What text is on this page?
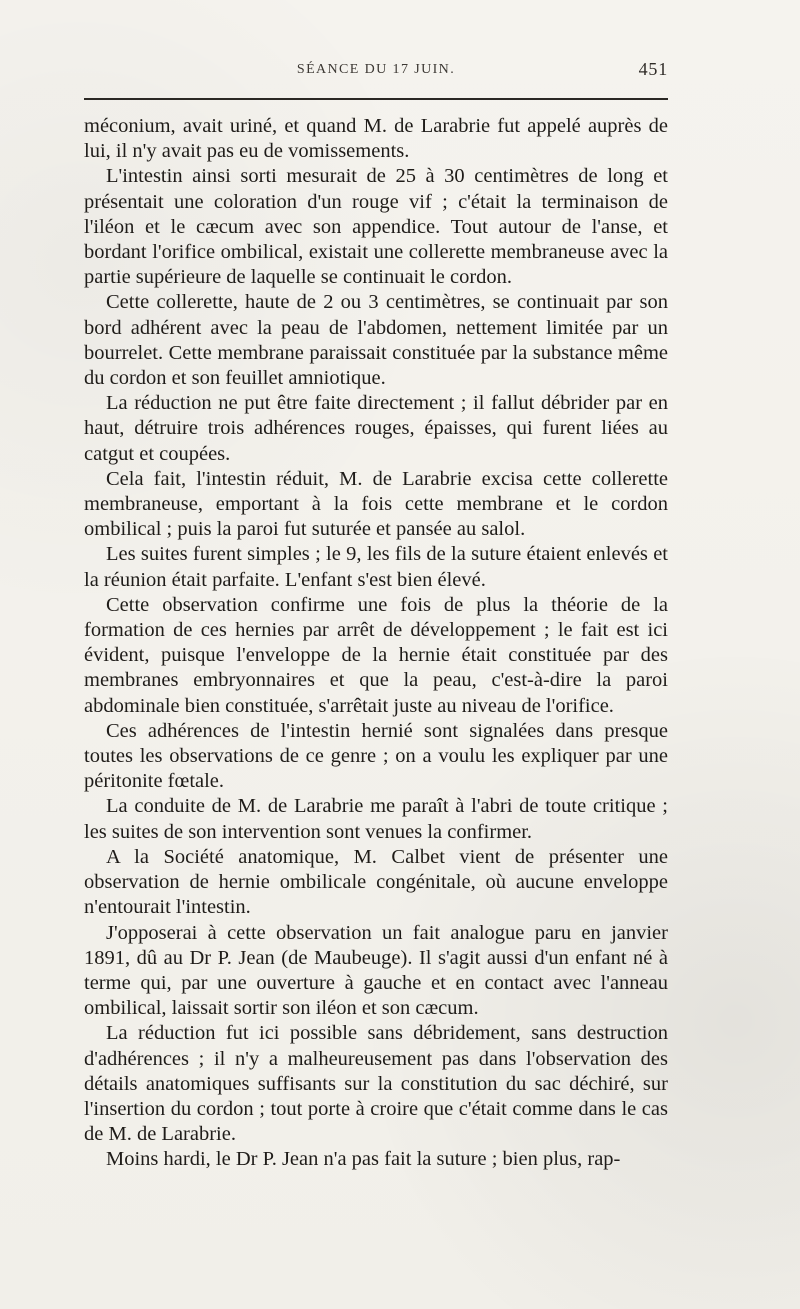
SÉANCE DU 17 JUIN.	451

méconium, avait uriné, et quand M. de Larabrie fut appelé auprès de lui, il n'y avait pas eu de vomissements.

L'intestin ainsi sorti mesurait de 25 à 30 centimètres de long et présentait une coloration d'un rouge vif ; c'était la terminaison de l'iléon et le cæcum avec son appendice. Tout autour de l'anse, et bordant l'orifice ombilical, existait une collerette membraneuse avec la partie supérieure de laquelle se continuait le cordon.

Cette collerette, haute de 2 ou 3 centimètres, se continuait par son bord adhérent avec la peau de l'abdomen, nettement limitée par un bourrelet. Cette membrane paraissait constituée par la substance même du cordon et son feuillet amniotique.

La réduction ne put être faite directement ; il fallut débrider par en haut, détruire trois adhérences rouges, épaisses, qui furent liées au catgut et coupées.

Cela fait, l'intestin réduit, M. de Larabrie excisa cette collerette membraneuse, emportant à la fois cette membrane et le cordon ombilical ; puis la paroi fut suturée et pansée au salol.

Les suites furent simples ; le 9, les fils de la suture étaient enlevés et la réunion était parfaite. L'enfant s'est bien élevé.

Cette observation confirme une fois de plus la théorie de la formation de ces hernies par arrêt de développement ; le fait est ici évident, puisque l'enveloppe de la hernie était constituée par des membranes embryonnaires et que la peau, c'est-à-dire la paroi abdominale bien constituée, s'arrêtait juste au niveau de l'orifice.

Ces adhérences de l'intestin hernié sont signalées dans presque toutes les observations de ce genre ; on a voulu les expliquer par une péritonite fœtale.

La conduite de M. de Larabrie me paraît à l'abri de toute critique ; les suites de son intervention sont venues la confirmer.

A la Société anatomique, M. Calbet vient de présenter une observation de hernie ombilicale congénitale, où aucune enveloppe n'entourait l'intestin.

J'opposerai à cette observation un fait analogue paru en janvier 1891, dû au Dr P. Jean (de Maubeuge). Il s'agit aussi d'un enfant né à terme qui, par une ouverture à gauche et en contact avec l'anneau ombilical, laissait sortir son iléon et son cæcum.

La réduction fut ici possible sans débridement, sans destruction d'adhérences ; il n'y a malheureusement pas dans l'observation des détails anatomiques suffisants sur la constitution du sac déchiré, sur l'insertion du cordon ; tout porte à croire que c'était comme dans le cas de M. de Larabrie.

Moins hardi, le Dr P. Jean n'a pas fait la suture ; bien plus, rap-
